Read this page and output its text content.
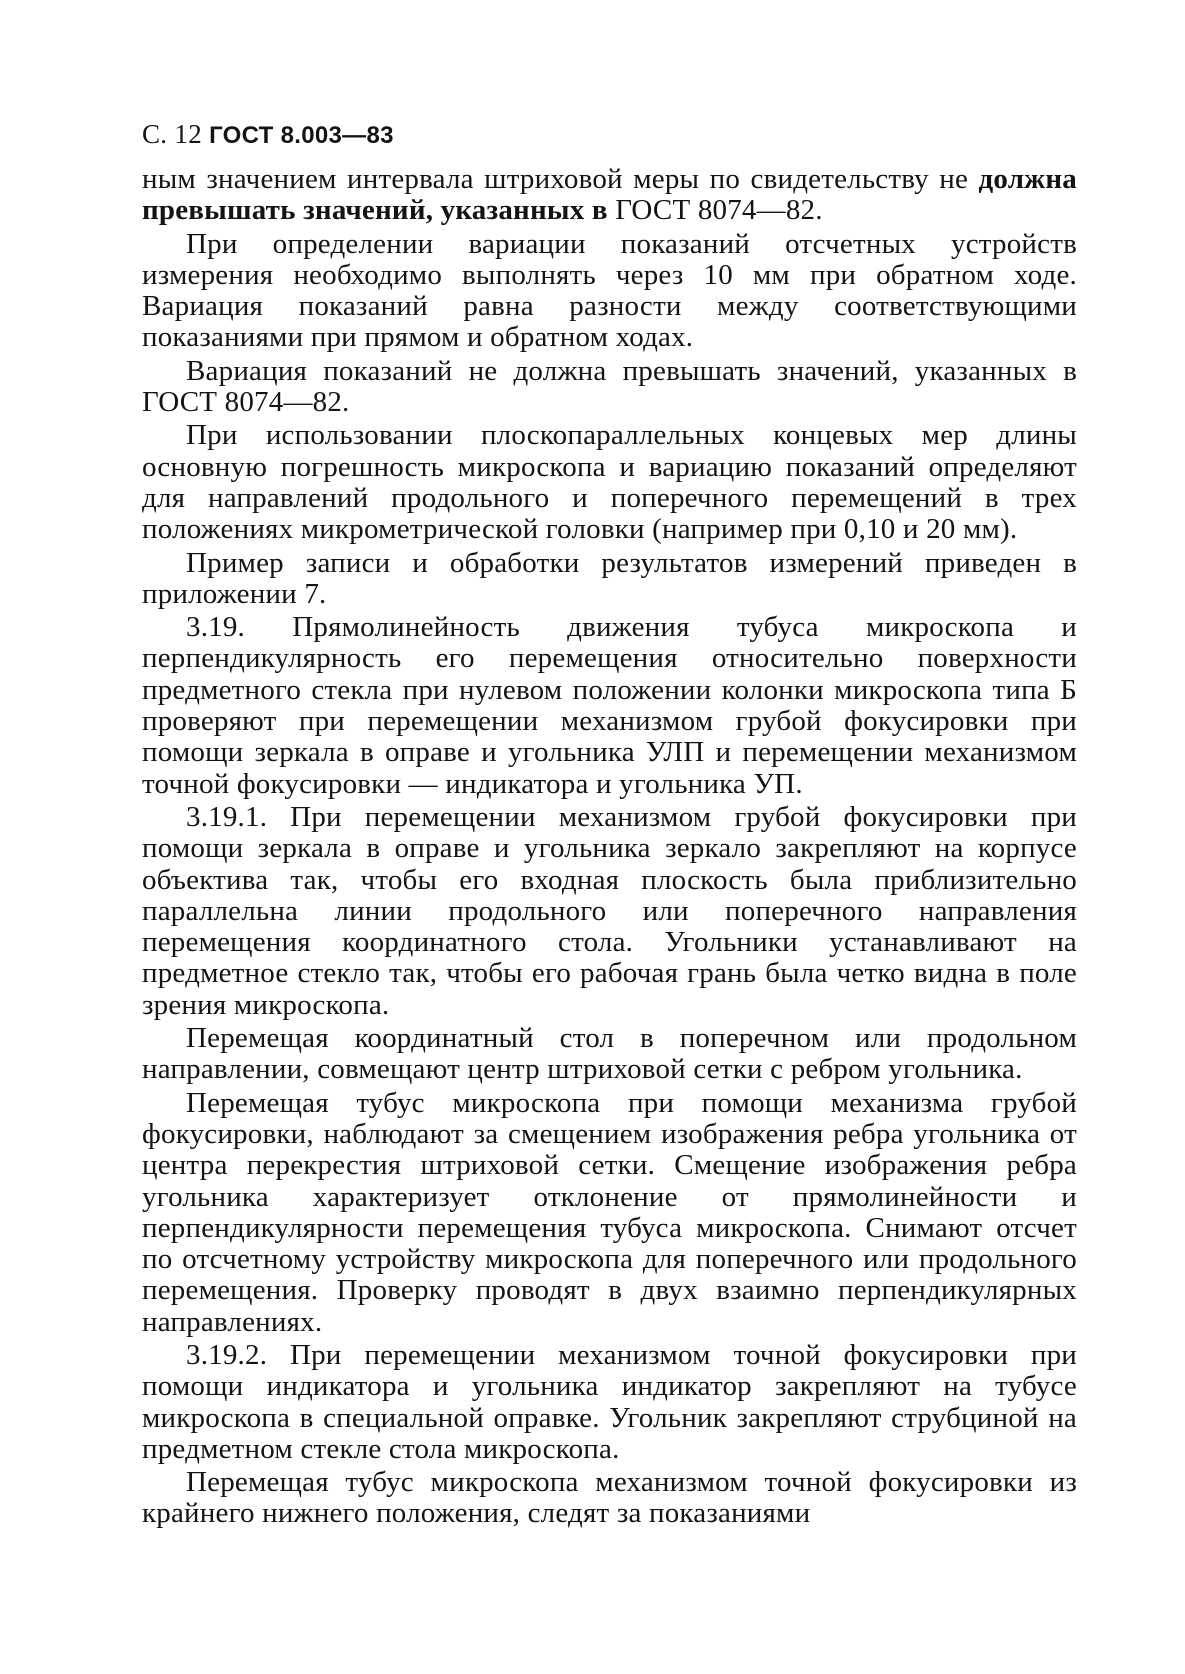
С. 12 ГОСТ 8.003—83

ным значением интервала штриховой меры по свидетельству не должна превышать значений, указанных в ГОСТ 8074—82.

При определении вариации показаний отсчетных устройств измерения необходимо выполнять через 10 мм при обратном ходе. Вариация показаний равна разности между соответствующими показаниями при прямом и обратном ходах.

Вариация показаний не должна превышать значений, указанных в ГОСТ 8074—82.

При использовании плоскопараллельных концевых мер длины основную погрешность микроскопа и вариацию показаний определяют для направлений продольного и поперечного перемещений в трех положениях микрометрической головки (например при 0,10 и 20 мм).

Пример записи и обработки результатов измерений приведен в приложении 7.

3.19. Прямолинейность движения тубуса микроскопа и перпендикулярность его перемещения относительно поверхности предметного стекла при нулевом положении колонки микроскопа типа Б проверяют при перемещении механизмом грубой фокусировки при помощи зеркала в оправе и угольника УЛП и перемещении механизмом точной фокусировки — индикатора и угольника УП.

3.19.1. При перемещении механизмом грубой фокусировки при помощи зеркала в оправе и угольника зеркало закрепляют на корпусе объектива так, чтобы его входная плоскость была приблизительно параллельна линии продольного или поперечного направления перемещения координатного стола. Угольники устанавливают на предметное стекло так, чтобы его рабочая грань была четко видна в поле зрения микроскопа.

Перемещая координатный стол в поперечном или продольном направлении, совмещают центр штриховой сетки с ребром угольника.

Перемещая тубус микроскопа при помощи механизма грубой фокусировки, наблюдают за смещением изображения ребра угольника от центра перекрестия штриховой сетки. Смещение изображения ребра угольника характеризует отклонение от прямолинейности и перпендикулярности перемещения тубуса микроскопа. Снимают отсчет по отсчетному устройству микроскопа для поперечного или продольного перемещения. Проверку проводят в двух взаимно перпендикулярных направлениях.

3.19.2. При перемещении механизмом точной фокусировки при помощи индикатора и угольника индикатор закрепляют на тубусе микроскопа в специальной оправке. Угольник закрепляют струбциной на предметном стекле стола микроскопа.

Перемещая тубус микроскопа механизмом точной фокусировки из крайнего нижнего положения, следят за показаниями
